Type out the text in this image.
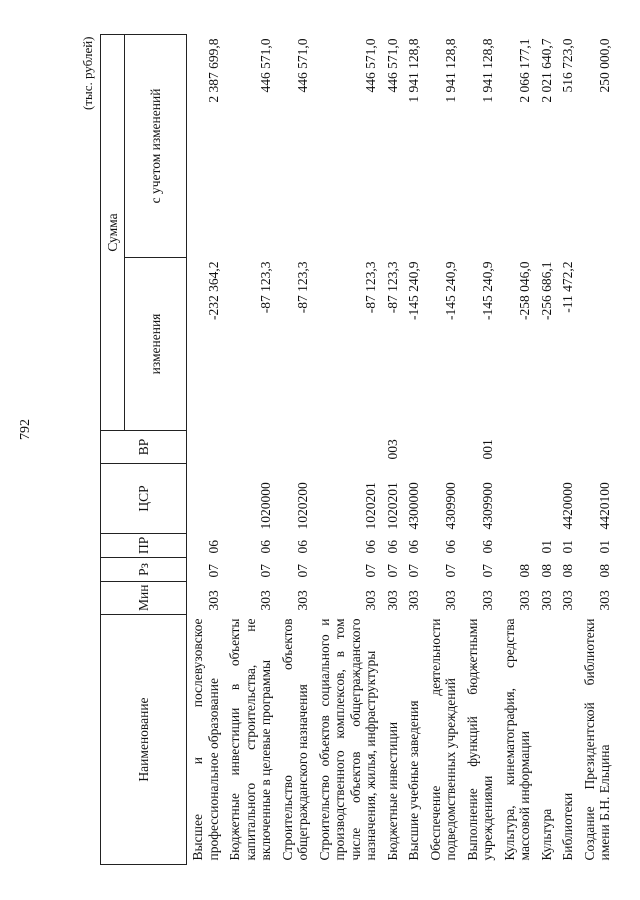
792
(тыс. рублей)
Наименование	Мин	Рз	ПР	ЦСР	ВР	Сумма	
						изменения	с учетом изменений
Высшее и послевузовское профессиональное образование	303	07	06			-232 364,2	2 387 699,8
Бюджетные инвестиции в объекты капитального строительства, не включенные в целевые программы	303	07	06	1020000		-87 123,3	446 571,0
Строительство объектов общегражданского назначения	303	07	06	1020200		-87 123,3	446 571,0
Строительство объектов социального и производственного комплексов, в том числе объектов общегражданского назначения, жилья, инфраструктуры	303	07	06	1020201		-87 123,3	446 571,0
Бюджетные инвестиции	303	07	06	1020201	003	-87 123,3	446 571,0
Высшие учебные заведения	303	07	06	4300000		-145 240,9	1 941 128,8
Обеспечение деятельности подведомственных учреждений	303	07	06	4309900		-145 240,9	1 941 128,8
Выполнение функций бюджетными учреждениями	303	07	06	4309900	001	-145 240,9	1 941 128,8
Культура, кинематография, средства массовой информации	303	08				-258 046,0	2 066 177,1
Культура	303	08	01			-256 686,1	2 021 640,7
Библиотеки	303	08	01	4420000		-11 472,2	516 723,0
Создание Президентской библиотеки имени Б.Н. Ельцина	303	08	01	4420100			250 000,0
